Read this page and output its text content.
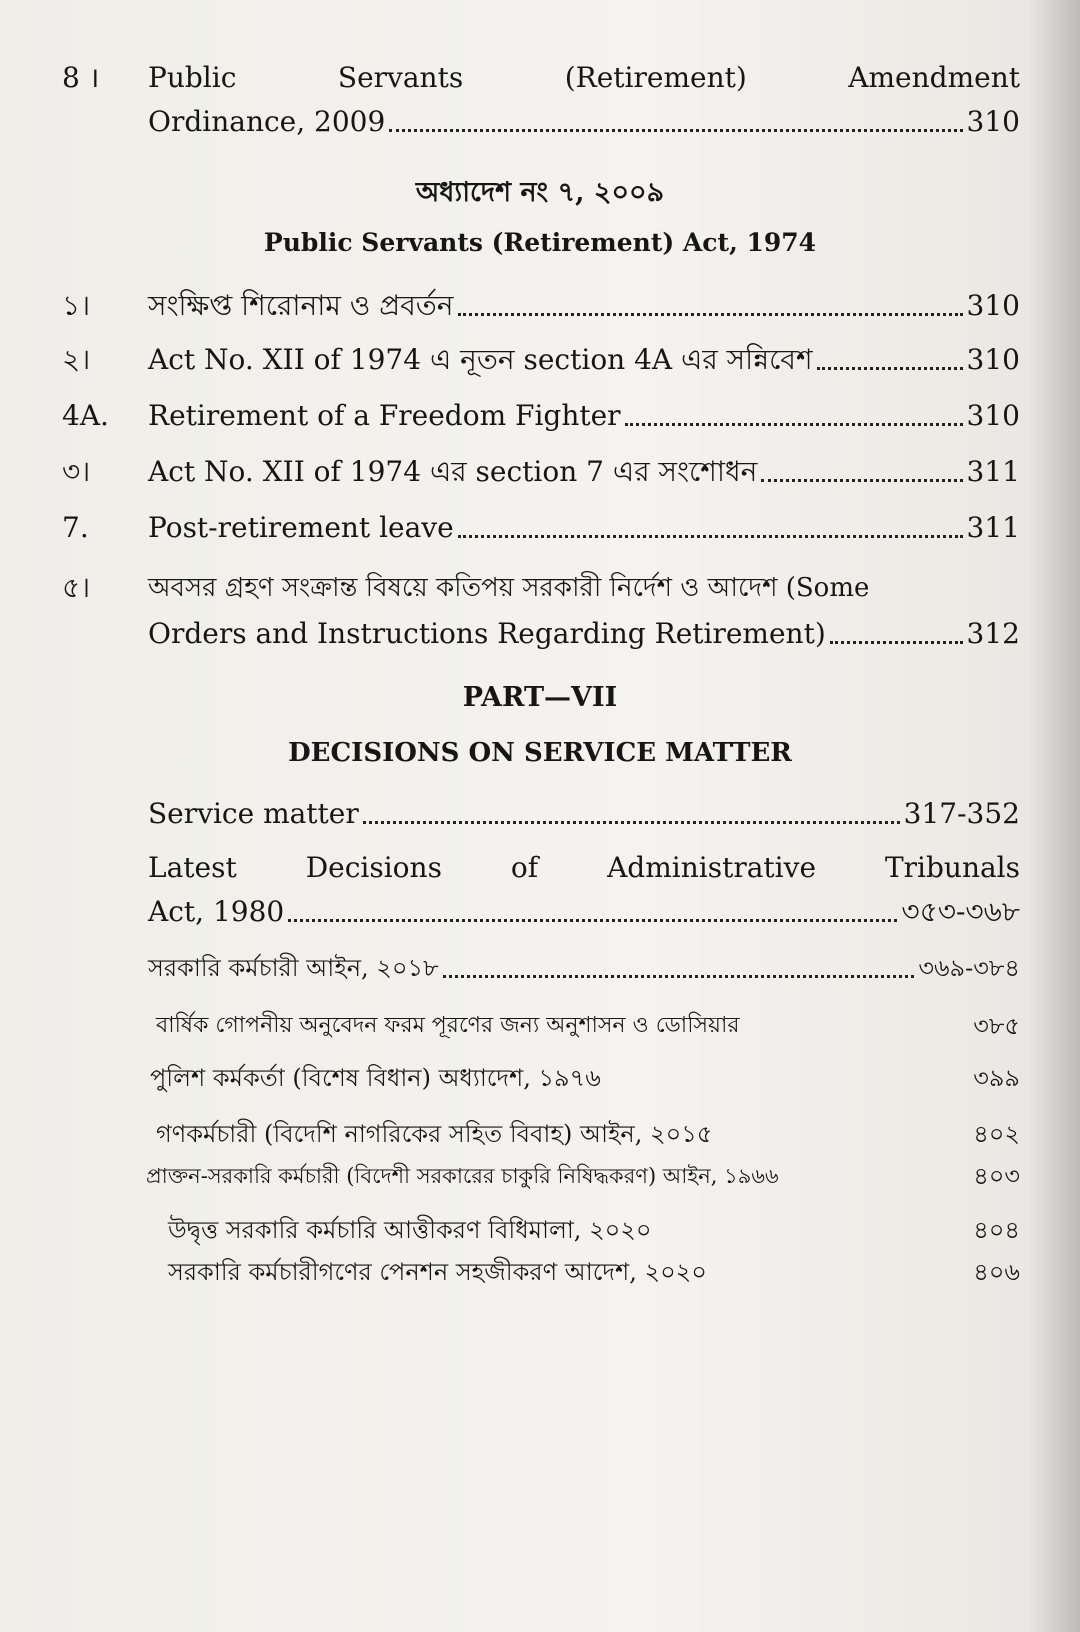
8 ।	Public Servants (Retirement) Amendment
Ordinance, 2009	310
অধ্যাদেশ নং ৭, ২০০৯
Public Servants (Retirement) Act, 1974
১।	সংক্ষিপ্ত শিরোনাম ও প্রবর্তন	310
২।	Act No. XII of 1974 এ নূতন section 4A এর সন্নিবেশ	310
4A.	Retirement of a Freedom Fighter	310
৩।	Act No. XII of 1974 এর section 7 এর সংশোধন	311
7.	Post-retirement leave	311
৫।	অবসর গ্রহণ সংক্রান্ত বিষয়ে কতিপয় সরকারী নির্দেশ ও আদেশ (Some
Orders and Instructions Regarding Retirement)	312
PART—VII
DECISIONS ON SERVICE MATTER
Service matter	317-352
Latest Decisions of Administrative Tribunals
Act, 1980	৩৫৩-৩৬৮
সরকারি কর্মচারী আইন, ২০১৮	৩৬৯-৩৮৪
বার্ষিক গোপনীয় অনুবেদন ফরম পূরণের জন্য অনুশাসন ও ডোসিয়ার	৩৮৫
পুলিশ কর্মকর্তা (বিশেষ বিধান) অধ্যাদেশ, ১৯৭৬	৩৯৯
গণকর্মচারী (বিদেশি নাগরিকের সহিত বিবাহ) আইন, ২০১৫	৪০২
প্রাক্তন-সরকারি কর্মচারী (বিদেশী সরকারের চাকুরি নিষিদ্ধকরণ) আইন, ১৯৬৬	৪০৩
উদ্বৃত্ত সরকারি কর্মচারি আত্তীকরণ বিধিমালা, ২০২০	৪০৪
সরকারি কর্মচারীগণের পেনশন সহজীকরণ আদেশ, ২০২০	৪০৬
